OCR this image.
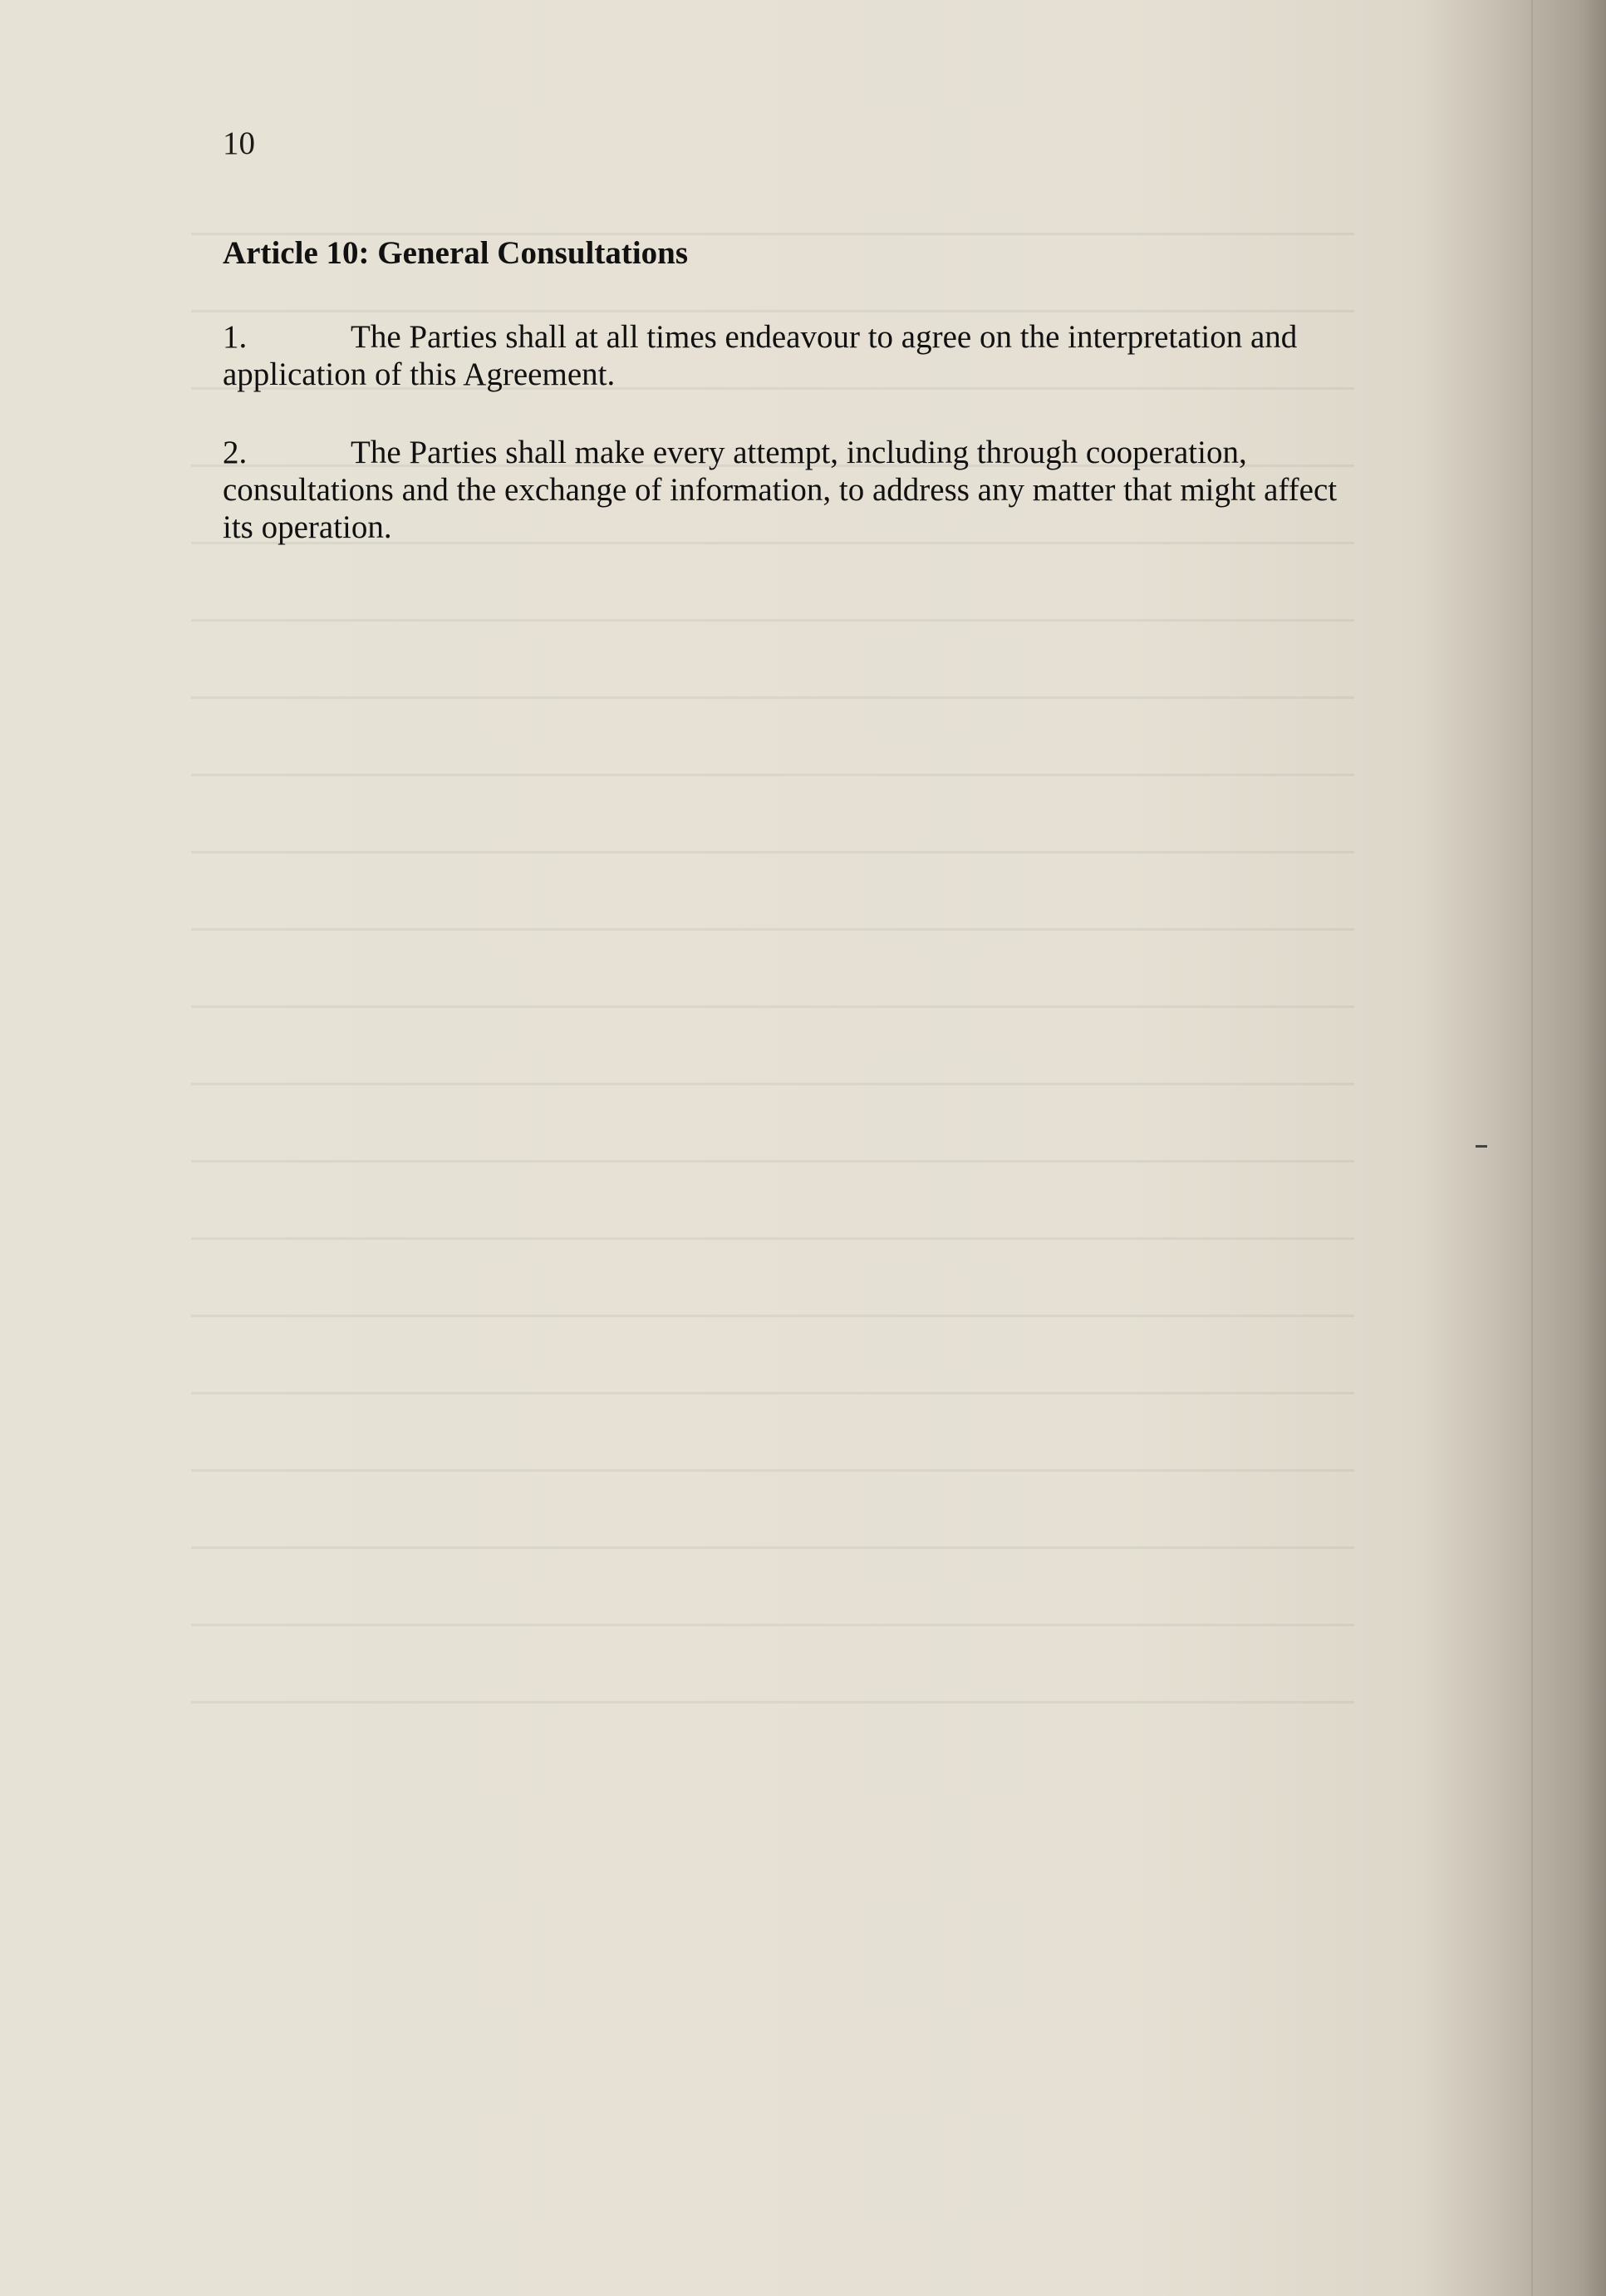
10
Article 10: General Consultations
1.	The Parties shall at all times endeavour to agree on the interpretation and application of this Agreement.
2.	The Parties shall make every attempt, including through cooperation, consultations and the exchange of information, to address any matter that might affect its operation.
